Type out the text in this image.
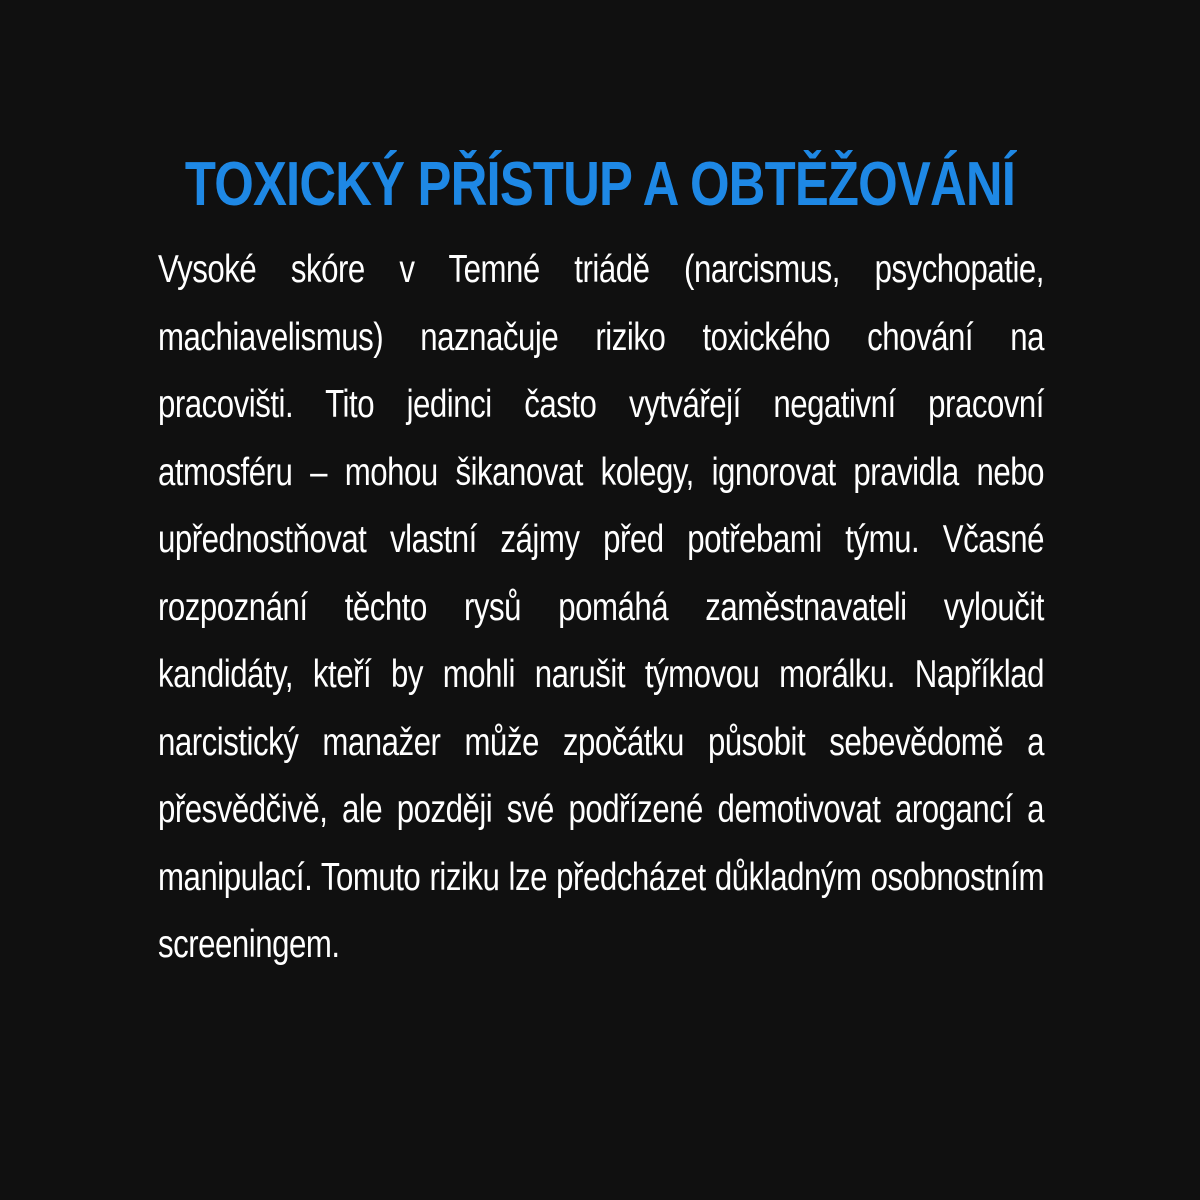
TOXICKÝ PŘÍSTUP A OBTĚŽOVÁNÍ

Vysoké skóre v Temné triádě (narcismus, psychopatie, machiavelismus) naznačuje riziko toxického chování na pracovišti. Tito jedinci často vytvářejí negativní pracovní atmosféru – mohou šikanovat kolegy, ignorovat pravidla nebo upřednostňovat vlastní zájmy před potřebami týmu. Včasné rozpoznání těchto rysů pomáhá zaměstnavateli vyloučit kandidáty, kteří by mohli narušit týmovou morálku. Například narcistický manažer může zpočátku působit sebevědomě a přesvědčivě, ale později své podřízené demotivovat arogancí a manipulací. Tomuto riziku lze předcházet důkladným osobnostním screeningem.
